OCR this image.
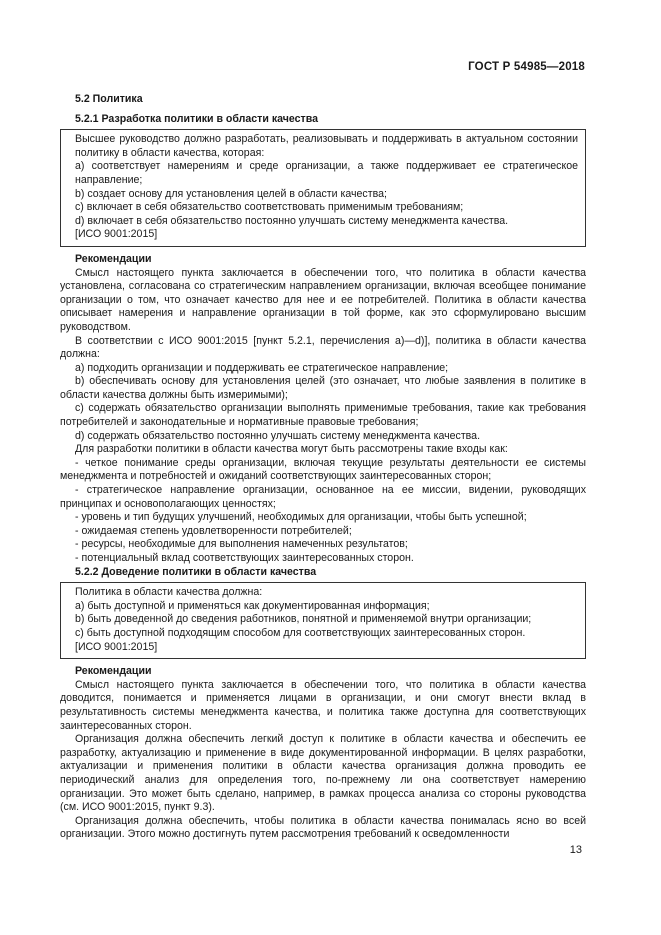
ГОСТ Р 54985—2018
5.2 Политика
5.2.1 Разработка политики в области качества

Высшее руководство должно разработать, реализовывать и поддерживать в актуальном состоянии политику в области качества, которая:

a) соответствует намерениям и среде организации, а также поддерживает ее стратегическое направление;

b) создает основу для установления целей в области качества;

c) включает в себя обязательство соответствовать применимым требованиям;

d) включает в себя обязательство постоянно улучшать систему менеджмента качества.

[ИСО 9001:2015]

Рекомендации

Смысл настоящего пункта заключается в обеспечении того, что политика в области качества установлена, согласована со стратегическим направлением организации, включая всеобщее понимание организации о том, что означает качество для нее и ее потребителей. Политика в области качества описывает намерения и направление организации в той форме, как это сформулировано высшим руководством.

В соответствии с ИСО 9001:2015 [пункт 5.2.1, перечисления a)—d)], политика в области качества должна:

a) подходить организации и поддерживать ее стратегическое направление;

b) обеспечивать основу для установления целей (это означает, что любые заявления в политике в области качества должны быть измеримыми);

c) содержать обязательство организации выполнять применимые требования, такие как требования потребителей и законодательные и нормативные правовые требования;

d) содержать обязательство постоянно улучшать систему менеджмента качества.

Для разработки политики в области качества могут быть рассмотрены такие входы как:

- четкое понимание среды организации, включая текущие результаты деятельности ее системы менеджмента и потребностей и ожиданий соответствующих заинтересованных сторон;

- стратегическое направление организации, основанное на ее миссии, видении, руководящих принципах и основополагающих ценностях;

- уровень и тип будущих улучшений, необходимых для организации, чтобы быть успешной;

- ожидаемая степень удовлетворенности потребителей;

- ресурсы, необходимые для выполнения намеченных результатов;

- потенциальный вклад соответствующих заинтересованных сторон.

5.2.2 Доведение политики в области качества

Политика в области качества должна:

a) быть доступной и применяться как документированная информация;

b) быть доведенной до сведения работников, понятной и применяемой внутри организации;

c) быть доступной подходящим способом для соответствующих заинтересованных сторон.

[ИСО 9001:2015]

Рекомендации

Смысл настоящего пункта заключается в обеспечении того, что политика в области качества доводится, понимается и применяется лицами в организации, и они смогут внести вклад в результативность системы менеджмента качества, и политика также доступна для соответствующих заинтересованных сторон.

Организация должна обеспечить легкий доступ к политике в области качества и обеспечить ее разработку, актуализацию и применение в виде документированной информации. В целях разработки, актуализации и применения политики в области качества организация должна проводить ее периодический анализ для определения того, по-прежнему ли она соответствует намерению организации. Это может быть сделано, например, в рамках процесса анализа со стороны руководства (см. ИСО 9001:2015, пункт 9.3).

Организация должна обеспечить, чтобы политика в области качества понималась ясно во всей организации. Этого можно достигнуть путем рассмотрения требований к осведомленности

13
